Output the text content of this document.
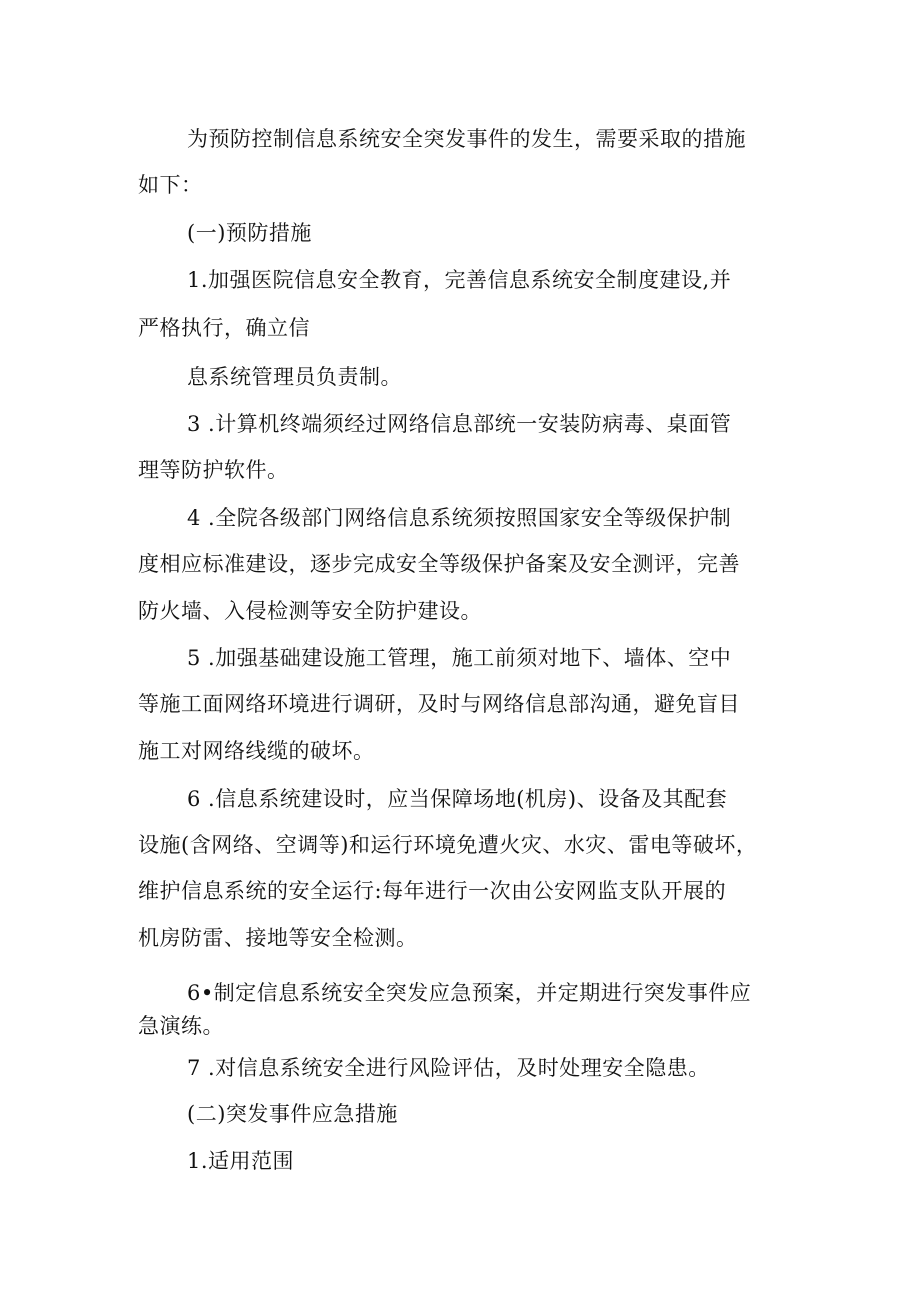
为预防控制信息系统安全突发事件的发生，需要采取的措施
如下：
(一)预防措施
1.加强医院信息安全教育，完善信息系统安全制度建设,并
严格执行，确立信
息系统管理员负责制。
3 .计算机终端须经过网络信息部统一安装防病毒、桌面管
理等防护软件。
4 .全院各级部门网络信息系统须按照国家安全等级保护制
度相应标准建设，逐步完成安全等级保护备案及安全测评，完善
防火墙、入侵检测等安全防护建设。
5 .加强基础建设施工管理，施工前须对地下、墙体、空中
等施工面网络环境进行调研，及时与网络信息部沟通，避免盲目
施工对网络线缆的破坏。
6 .信息系统建设时，应当保障场地(机房)、设备及其配套
设施(含网络、空调等)和运行环境免遭火灾、水灾、雷电等破坏，
维护信息系统的安全运行:每年进行一次由公安网监支队开展的
机房防雷、接地等安全检测。
6•制定信息系统安全突发应急预案，并定期进行突发事件应
急演练。
7 .对信息系统安全进行风险评估，及时处理安全隐患。
(二)突发事件应急措施
1.适用范围
